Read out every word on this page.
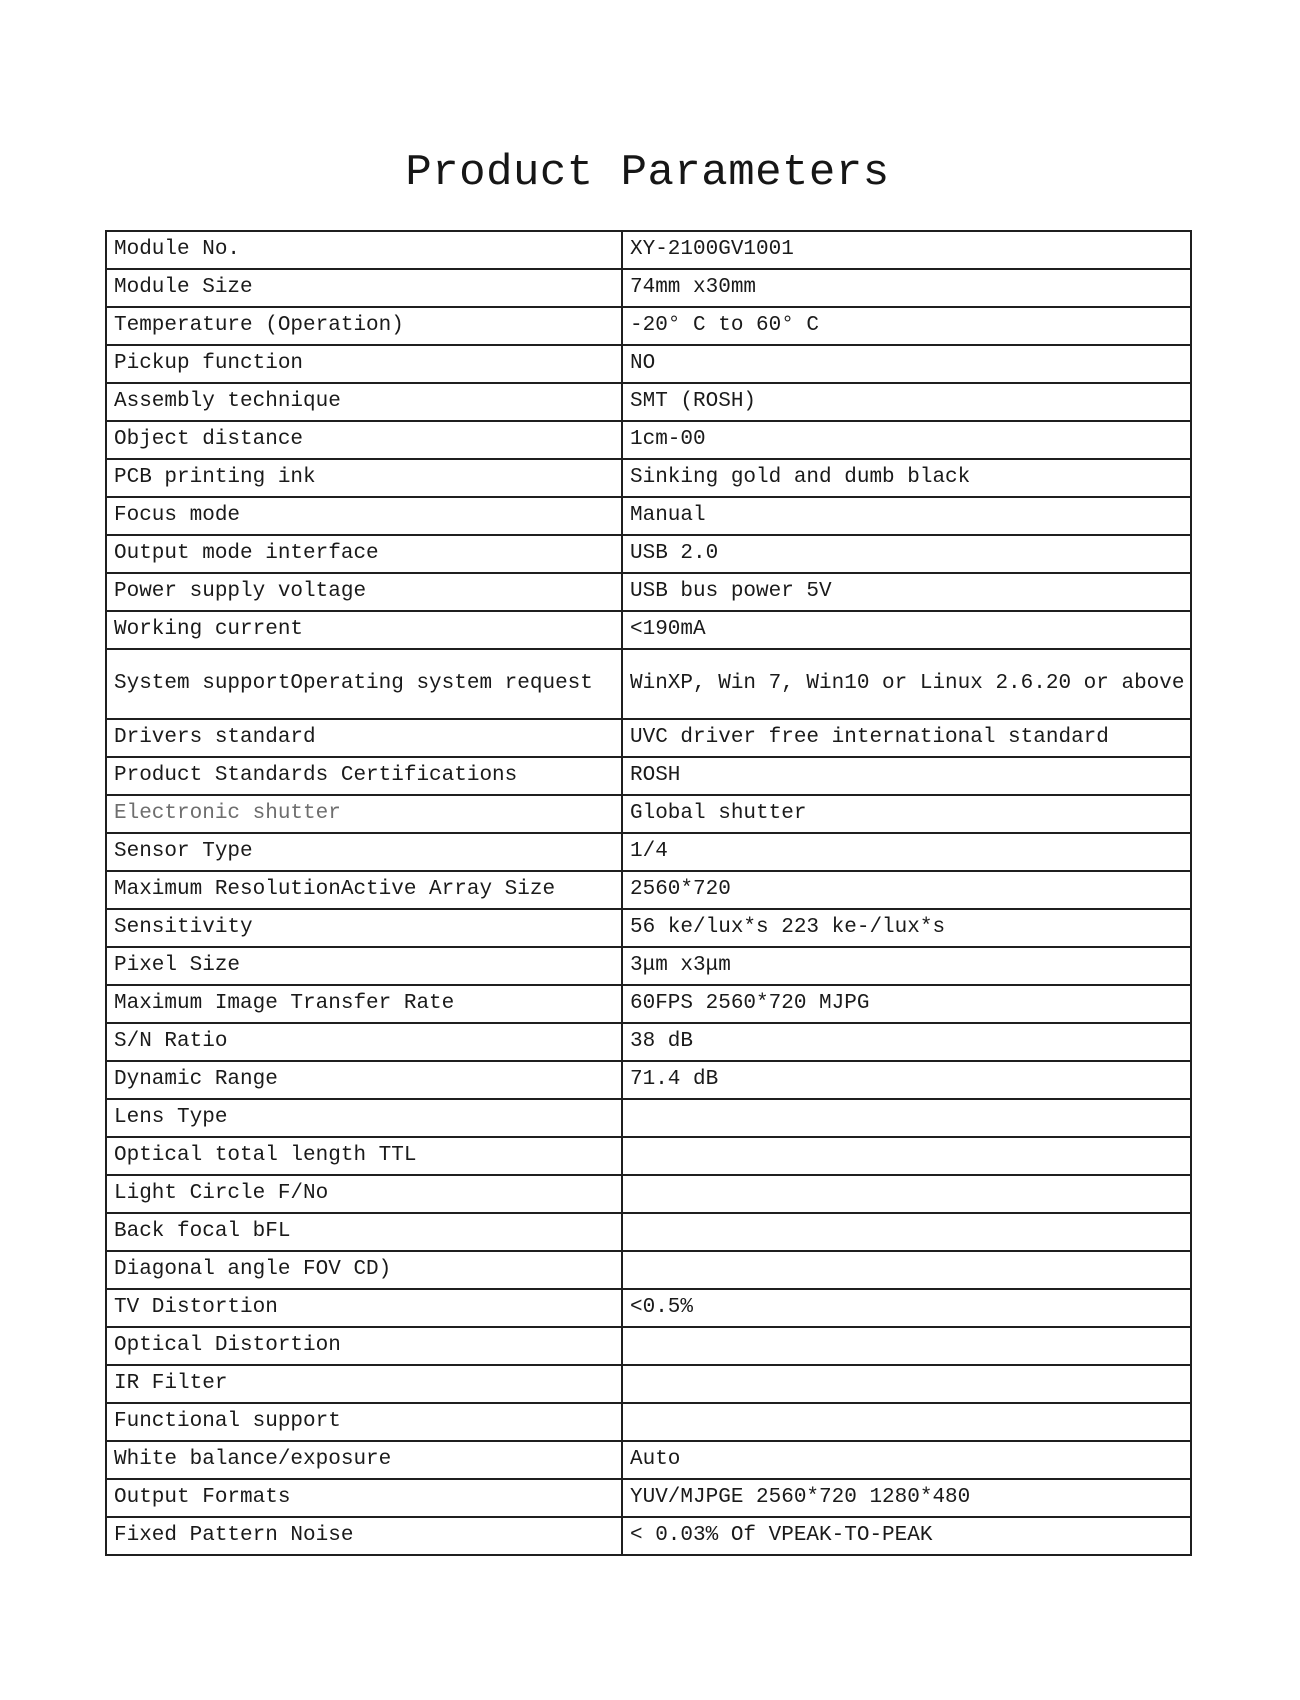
Product Parameters
Module No.	XY-2100GV1001
Module Size	74mm x30mm
Temperature (Operation)	-20° C to 60° C
Pickup function	NO
Assembly technique	SMT (ROSH)
Object distance	1cm-00
PCB printing ink	Sinking gold and dumb black
Focus mode	Manual
Output mode interface	USB 2.0
Power supply voltage	USB bus power 5V
Working current	<190mA
System supportOperating system request	WinXP, Win 7, Win10 or Linux 2.6.20 or above
Drivers standard	UVC driver free international standard
Product Standards Certifications	ROSH
Electronic shutter	Global shutter
Sensor Type	1/4
Maximum ResolutionActive Array Size	2560*720
Sensitivity	56 ke/lux*s 223 ke-/lux*s
Pixel Size	3μm x3μm
Maximum Image Transfer Rate	60FPS 2560*720 MJPG
S/N Ratio	38 dB
Dynamic Range	71.4 dB
Lens Type	
Optical total length TTL	
Light Circle F/No	
Back focal bFL	
Diagonal angle FOV CD)	
TV Distortion	<0.5%
Optical Distortion	
IR Filter	
Functional support	
White balance/exposure	Auto
Output Formats	YUV/MJPGE 2560*720 1280*480
Fixed Pattern Noise	< 0.03% Of VPEAK-TO-PEAK
